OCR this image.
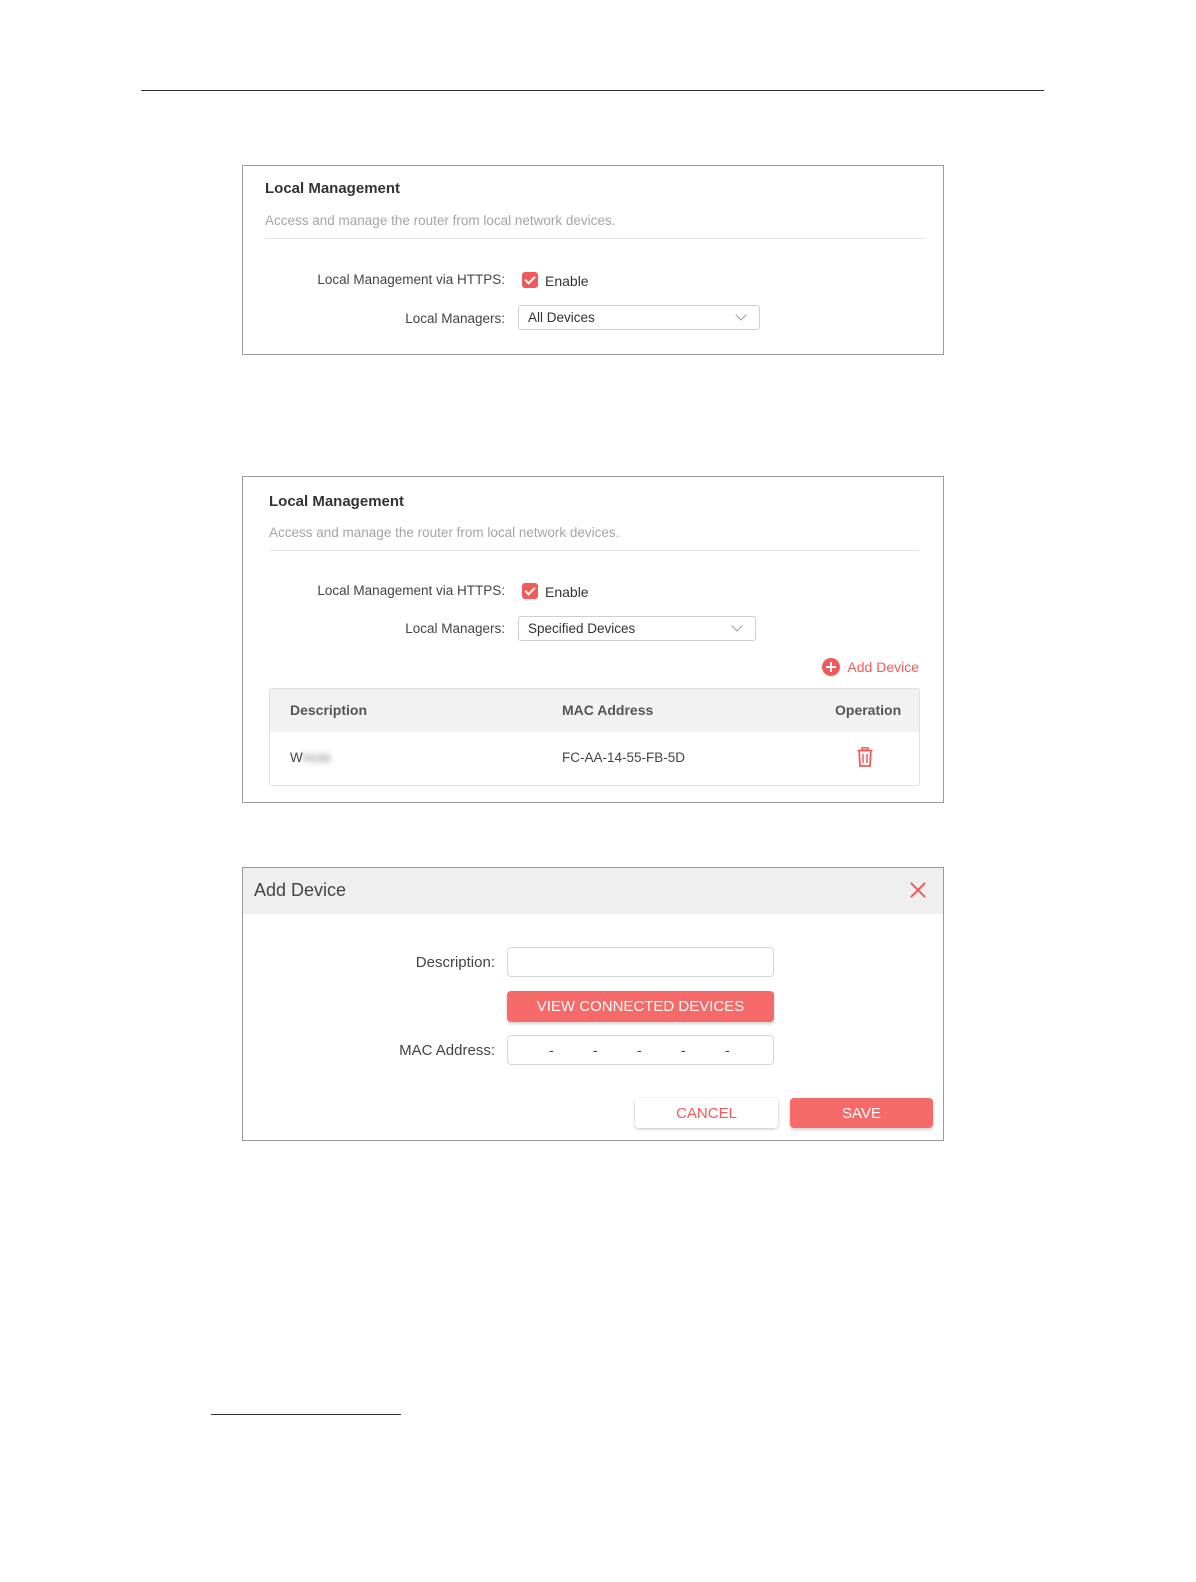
Local Management
Access and manage the router from local network devices.
Local Management via HTTPS:	Enable
Local Managers: All Devices
Local Management
Access and manage the router from local network devices.
Local Management via HTTPS:	Enable
Local Managers: Specified Devices
Add Device
Description	MAC Address	Operation
Wncss	FC-AA-14-55-FB-5D
Add Device
Description:
VIEW CONNECTED DEVICES
MAC Address:	-	-	-	-	-
CANCEL	SAVE
